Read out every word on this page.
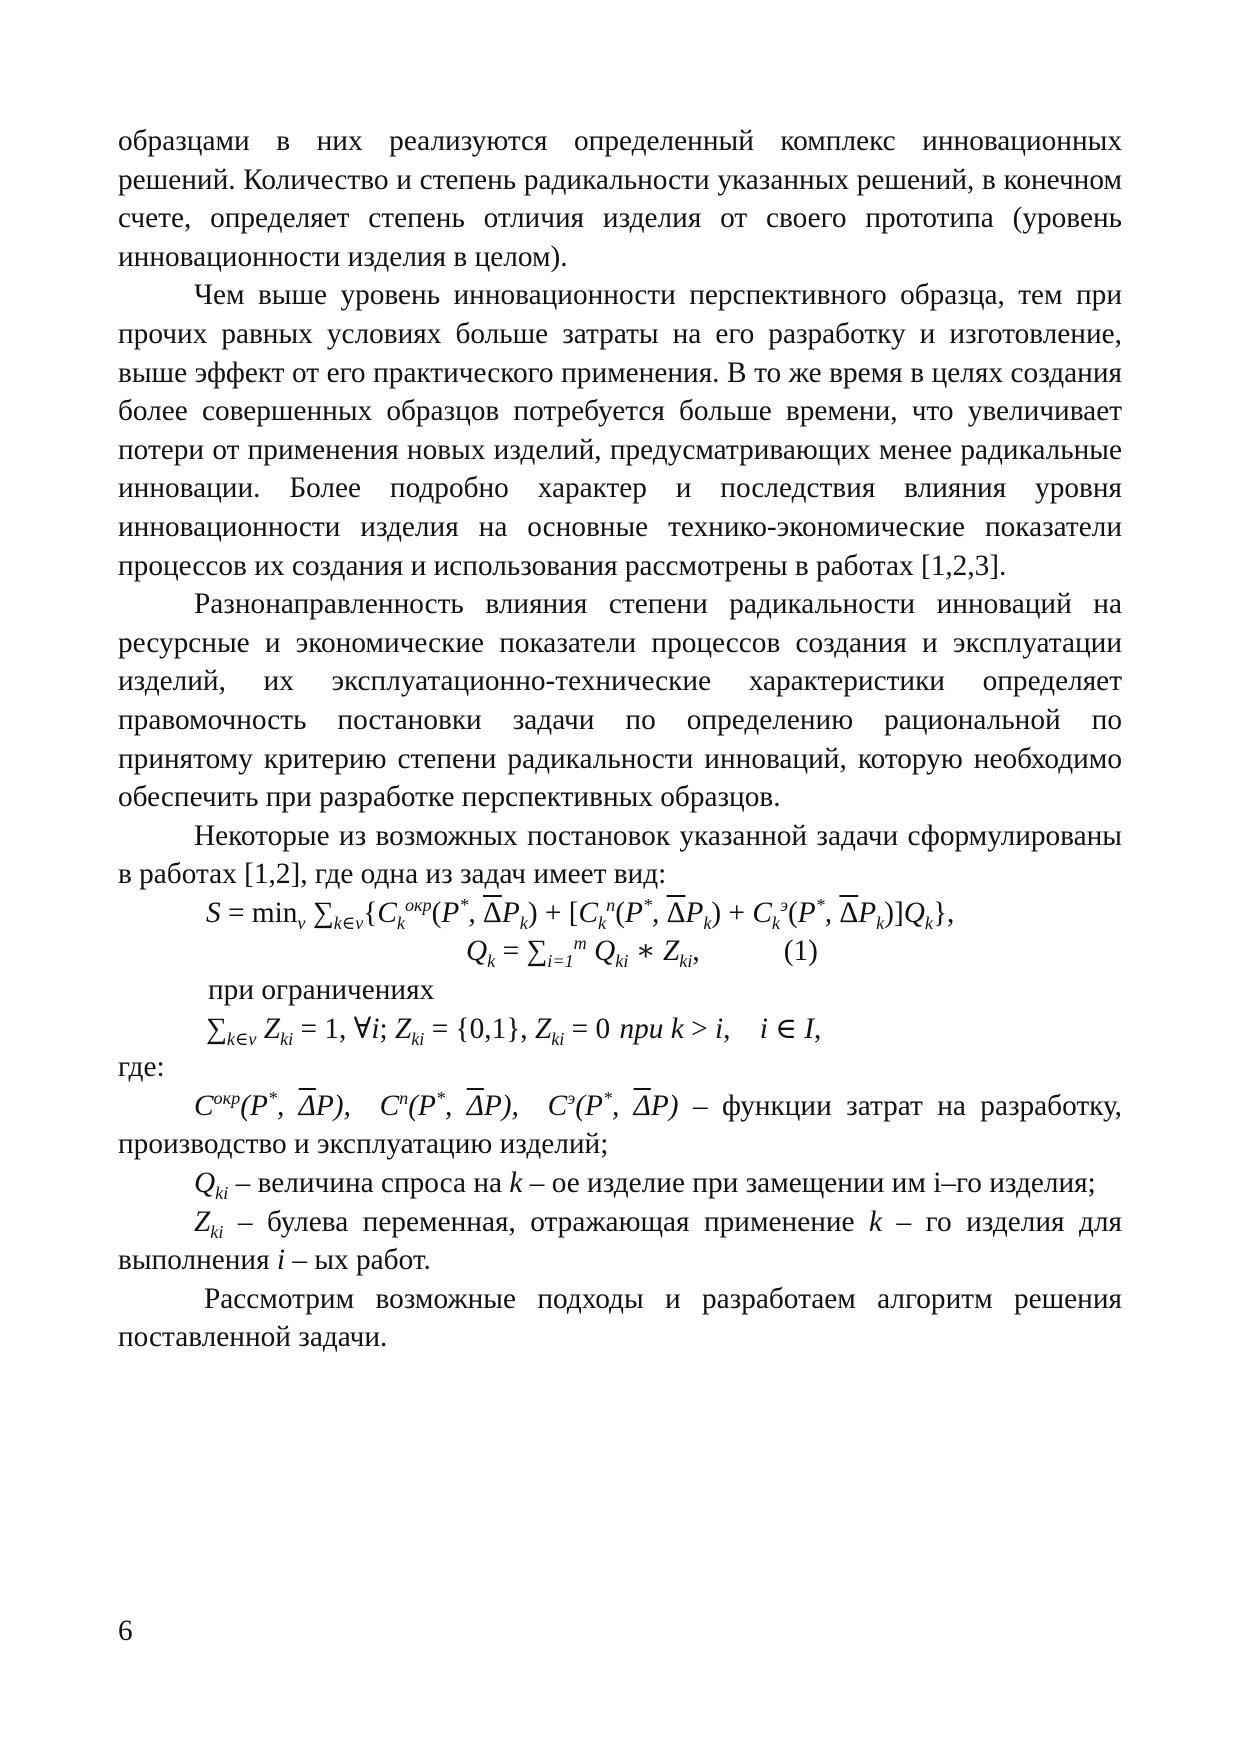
образцами в них реализуются определенный комплекс инновационных решений. Количество и степень радикальности указанных решений, в конечном счете, определяет степень отличия изделия от своего прототипа (уровень инновационности изделия в целом).

Чем выше уровень инновационности перспективного образца, тем при прочих равных условиях больше затраты на его разработку и изготовление, выше эффект от его практического применения. В то же время в целях создания более совершенных образцов потребуется больше времени, что увеличивает потери от применения новых изделий, предусматривающих менее радикальные инновации. Более подробно характер и последствия влияния уровня инновационности изделия на основные технико-экономические показатели процессов их создания и использования рассмотрены в работах [1,2,3].

Разнонаправленность влияния степени радикальности инноваций на ресурсные и экономические показатели процессов создания и эксплуатации изделий, их эксплуатационно-технические характеристики определяет правомочность постановки задачи по определению рациональной по принятому критерию степени радикальности инноваций, которую необходимо обеспечить при разработке перспективных образцов.

Некоторые из возможных постановок указанной задачи сформулированы в работах [1,2], где одна из задач имеет вид:

$S = \min_v \sum_{k\in v}\{C_k^{окр}(P^*$, $\overline{\Delta}P_k) + [C_k^п(P^*$, $\overline{\Delta}P_k) + C_k^э(P^*$, $\overline{\Delta}P_k)]Q_k$},
$Q_k = \sum_{i=1}^m$ $Q_{ki}$ ∗ $Z_{ki}$,	(1)
при ограничениях
$\sum_{k\in v}$ $Z_{ki} = 1$, ∀i; $Z_{ki} = \{0,1\}$, $Z_{ki} = 0$ при k > i,    i ∈ I,

где:

$C^{окр}(P^*$, $\overline{\Delta}P$),  $C^п(P^*$, $\overline{\Delta}P$),  $C^э(P^*$, $\overline{\Delta}P$) – функции затрат на разработку, производство и эксплуатацию изделий;

$Q_{ki}$ – величина спроса на k – ое изделие при замещении им i–го изделия;

$Z_{ki}$ – булева переменная, отражающая применение k – го изделия для выполнения i – ых работ.

Рассмотрим возможные подходы и разработаем алгоритм решения поставленной задачи.

6
